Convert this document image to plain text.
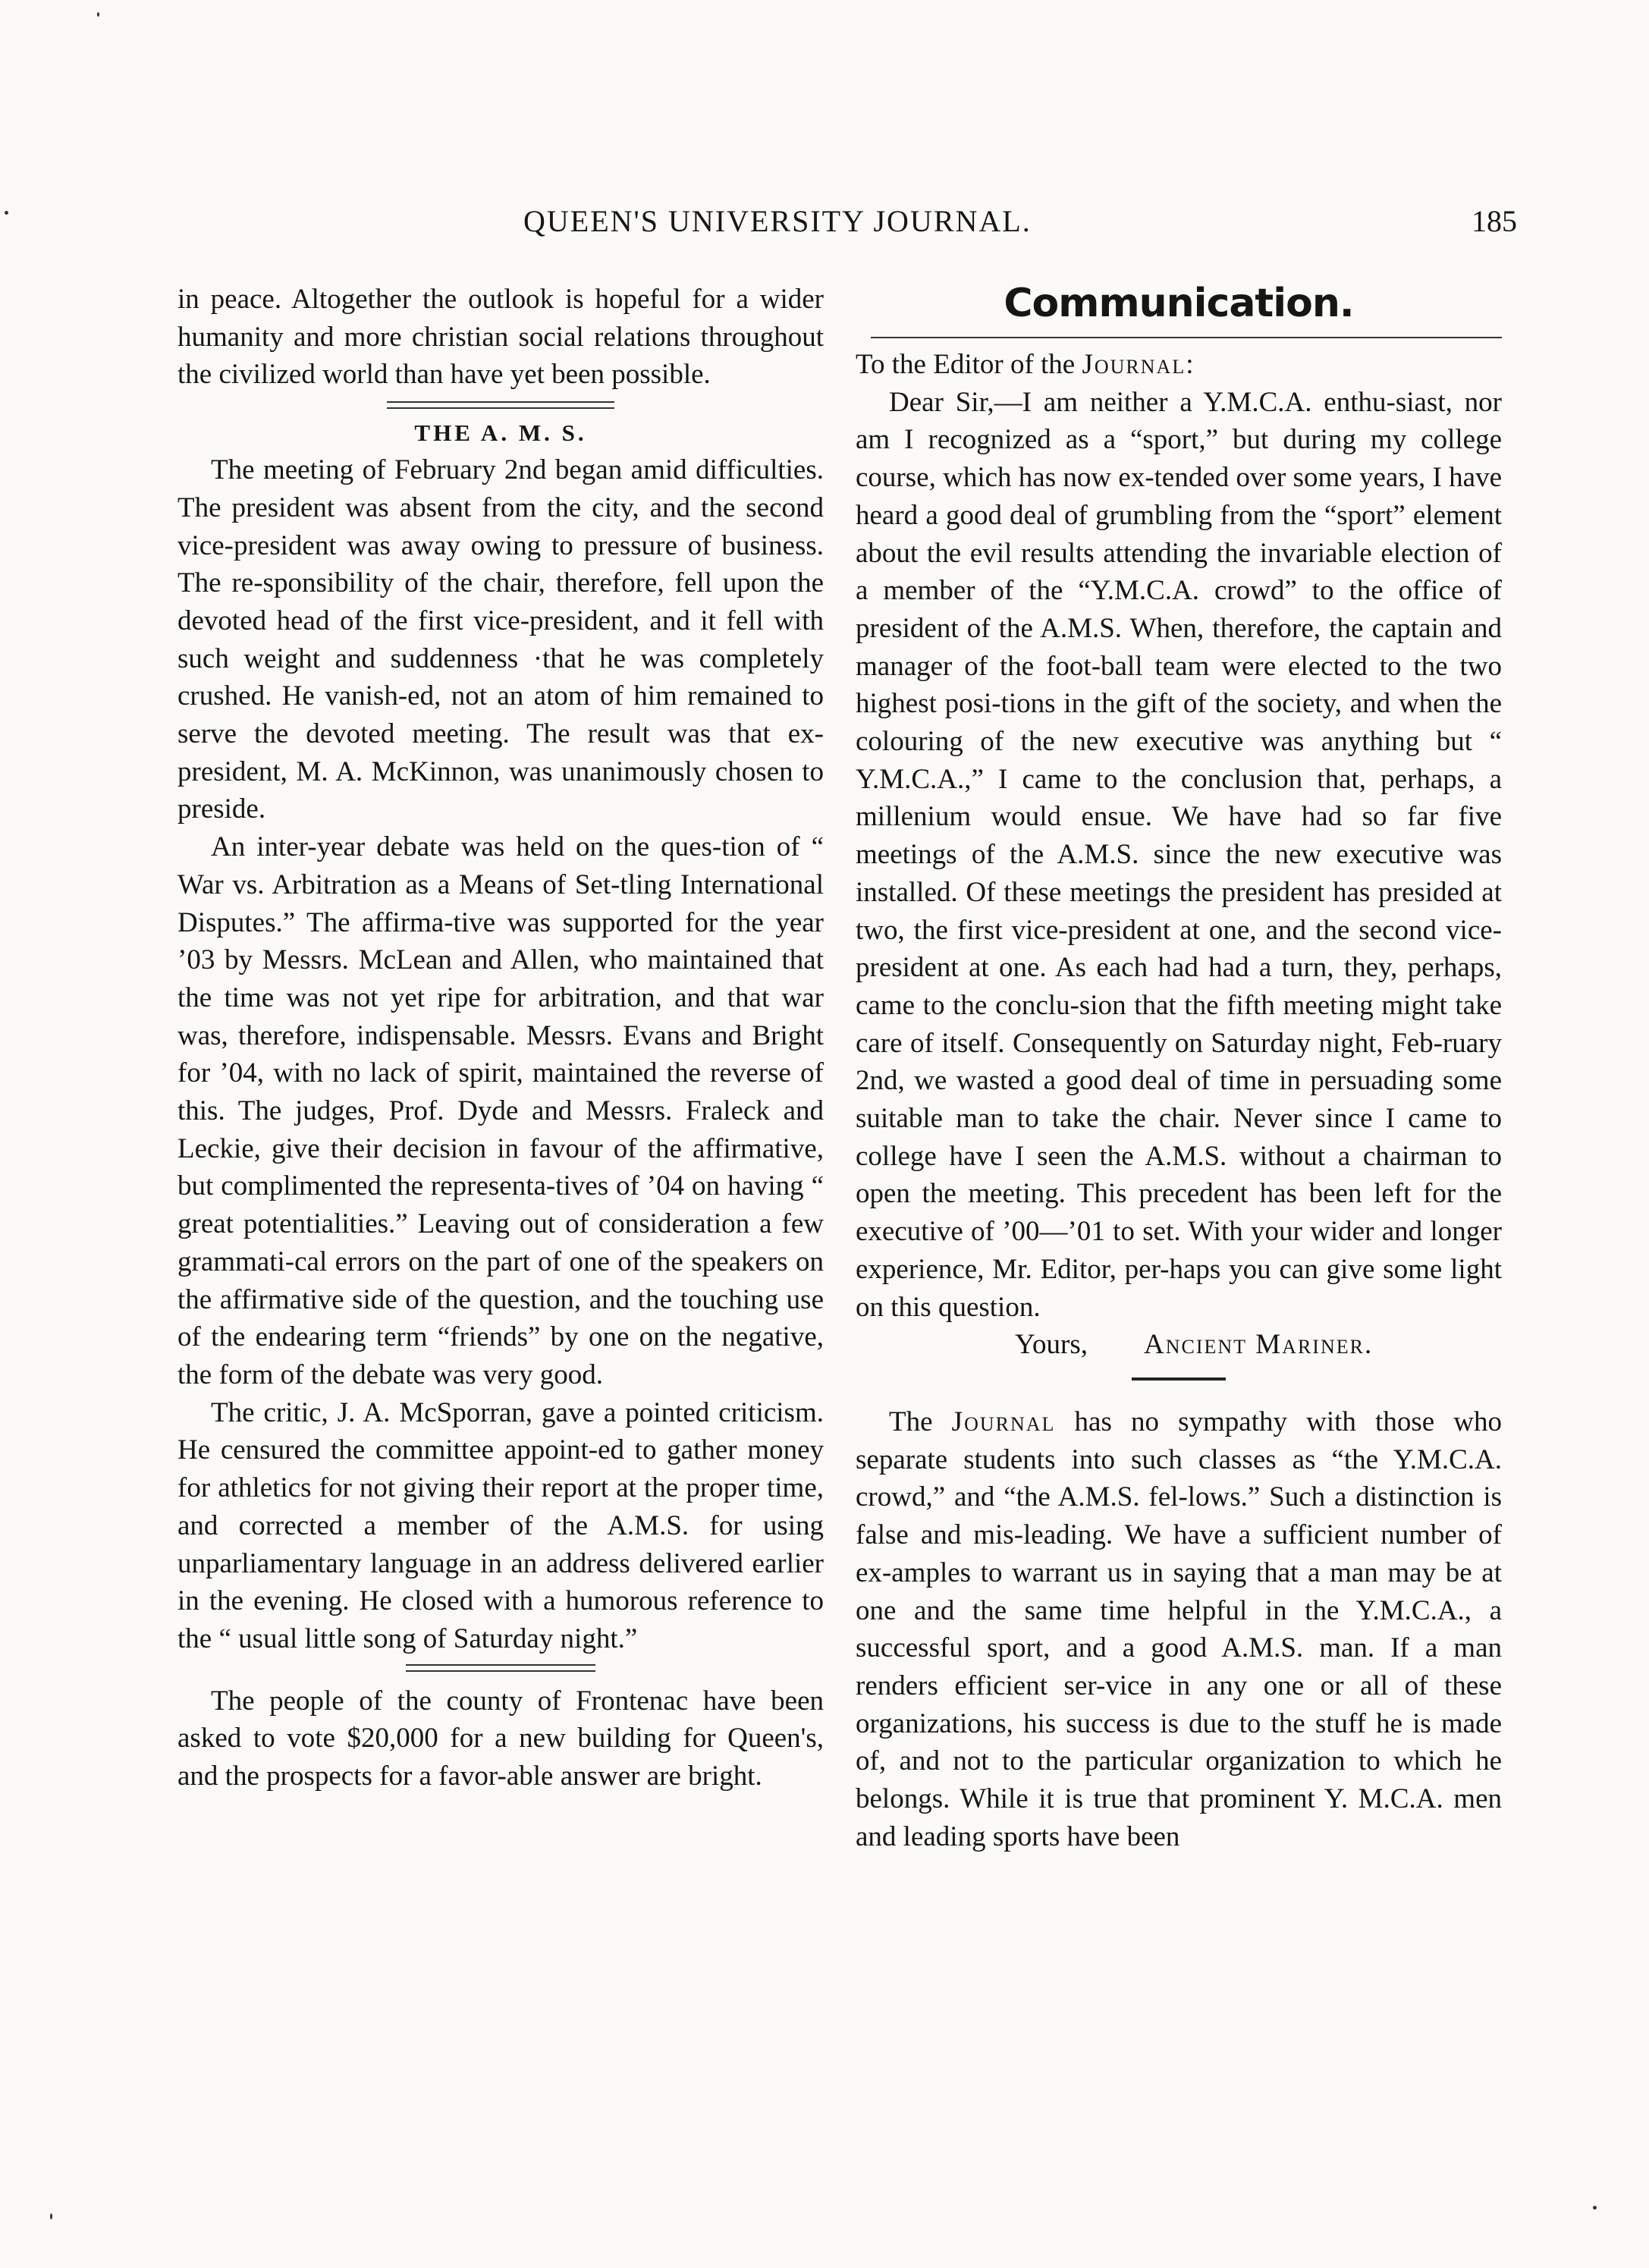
QUEEN'S UNIVERSITY JOURNAL.	185

in peace. Altogether the outlook is hopeful for a wider humanity and more christian social relations throughout the civilized world than have yet been possible.

THE A. M. S.

The meeting of February 2nd began amid difficulties. The president was absent from the city, and the second vice-president was away owing to pressure of business. The re-sponsibility of the chair, therefore, fell upon the devoted head of the first vice-president, and it fell with such weight and suddenness ·that he was completely crushed. He vanish-ed, not an atom of him remained to serve the devoted meeting. The result was that ex-president, M. A. McKinnon, was unanimously chosen to preside.

An inter-year debate was held on the ques-tion of “ War vs. Arbitration as a Means of Set-tling International Disputes.” The affirma-tive was supported for the year ’03 by Messrs. McLean and Allen, who maintained that the time was not yet ripe for arbitration, and that war was, therefore, indispensable. Messrs. Evans and Bright for ’04, with no lack of spirit, maintained the reverse of this. The judges, Prof. Dyde and Messrs. Fraleck and Leckie, give their decision in favour of the affirmative, but complimented the representa-tives of ’04 on having “ great potentialities.” Leaving out of consideration a few grammati-cal errors on the part of one of the speakers on the affirmative side of the question, and the touching use of the endearing term “friends” by one on the negative, the form of the debate was very good.

The critic, J. A. McSporran, gave a pointed criticism. He censured the committee appoint-ed to gather money for athletics for not giving their report at the proper time, and corrected a member of the A.M.S. for using unparliamentary language in an address delivered earlier in the evening. He closed with a humorous reference to the “ usual little song of Saturday night.”

The people of the county of Frontenac have been asked to vote $20,000 for a new building for Queen's, and the prospects for a favor-able answer are bright.

Communication.

To the Editor of the Journal:

Dear Sir,—I am neither a Y.M.C.A. enthu-siast, nor am I recognized as a “sport,” but during my college course, which has now ex-tended over some years, I have heard a good deal of grumbling from the “sport” element about the evil results attending the invariable election of a member of the “Y.M.C.A. crowd” to the office of president of the A.M.S. When, therefore, the captain and manager of the foot-ball team were elected to the two highest posi-tions in the gift of the society, and when the colouring of the new executive was anything but “ Y.M.C.A.,” I came to the conclusion that, perhaps, a millenium would ensue. We have had so far five meetings of the A.M.S. since the new executive was installed. Of these meetings the president has presided at two, the first vice-president at one, and the second vice-president at one. As each had had a turn, they, perhaps, came to the conclu-sion that the fifth meeting might take care of itself. Consequently on Saturday night, Feb-ruary 2nd, we wasted a good deal of time in persuading some suitable man to take the chair. Never since I came to college have I seen the A.M.S. without a chairman to open the meeting. This precedent has been left for the executive of ’00—’01 to set. With your wider and longer experience, Mr. Editor, per-haps you can give some light on this question.

Yours, Ancient Mariner.

The Journal has no sympathy with those who separate students into such classes as “the Y.M.C.A. crowd,” and “the A.M.S. fel-lows.” Such a distinction is false and mis-leading. We have a sufficient number of ex-amples to warrant us in saying that a man may be at one and the same time helpful in the Y.M.C.A., a successful sport, and a good A.M.S. man. If a man renders efficient ser-vice in any one or all of these organizations, his success is due to the stuff he is made of, and not to the particular organization to which he belongs. While it is true that prominent Y. M.C.A. men and leading sports have been
